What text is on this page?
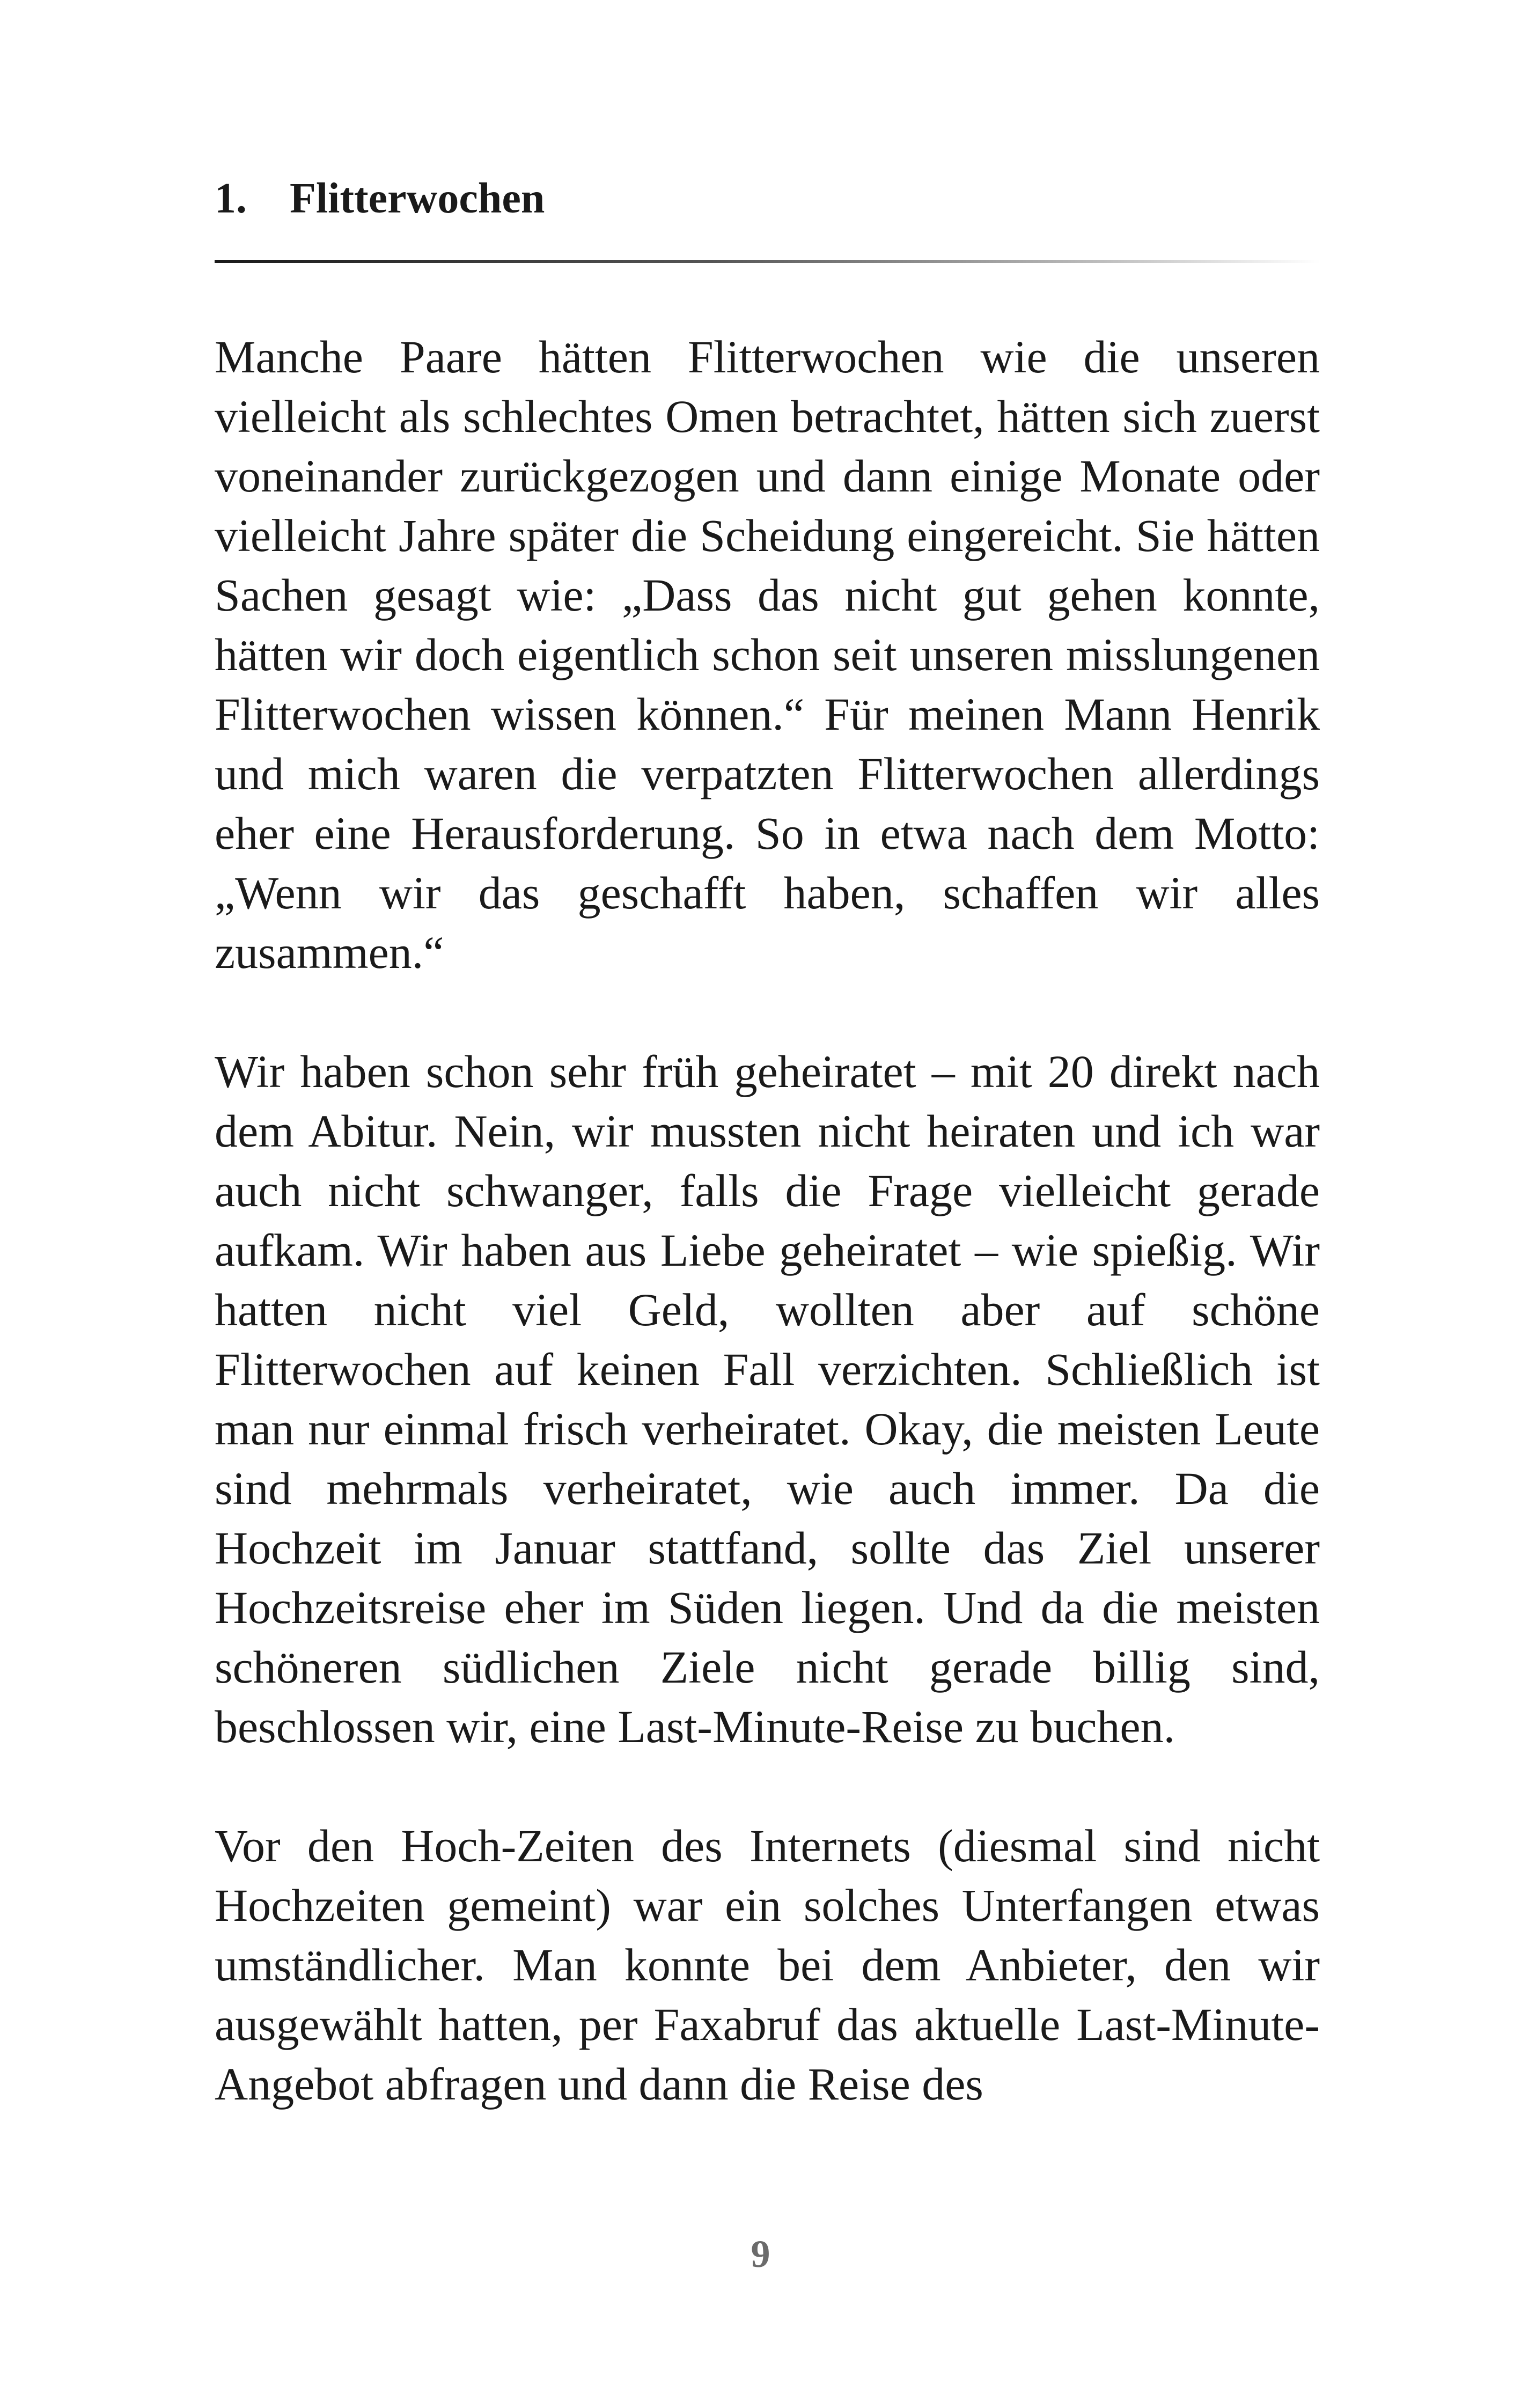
1. Flitterwochen

Manche Paare hätten Flitterwochen wie die unseren vielleicht als schlechtes Omen betrachtet, hätten sich zuerst voneinander zurückgezogen und dann einige Monate oder vielleicht Jahre später die Scheidung eingereicht. Sie hätten Sachen gesagt wie: „Dass das nicht gut gehen konnte, hätten wir doch eigentlich schon seit unseren misslungenen Flitterwochen wissen können.“ Für meinen Mann Henrik und mich waren die verpatzten Flitterwochen allerdings eher eine Herausforderung. So in etwa nach dem Motto: „Wenn wir das geschafft haben, schaffen wir alles zusammen.“

Wir haben schon sehr früh geheiratet – mit 20 direkt nach dem Abitur. Nein, wir mussten nicht heiraten und ich war auch nicht schwanger, falls die Frage vielleicht gerade aufkam. Wir haben aus Liebe geheiratet – wie spießig. Wir hatten nicht viel Geld, wollten aber auf schöne Flitterwochen auf keinen Fall verzichten. Schließlich ist man nur einmal frisch verheiratet. Okay, die meisten Leute sind mehrmals verheiratet, wie auch immer. Da die Hochzeit im Januar stattfand, sollte das Ziel unserer Hochzeitsreise eher im Süden liegen. Und da die meisten schöneren südlichen Ziele nicht gerade billig sind, beschlossen wir, eine Last-Minute-Reise zu buchen.

Vor den Hoch-Zeiten des Internets (diesmal sind nicht Hochzeiten gemeint) war ein solches Unterfangen etwas umständlicher. Man konnte bei dem Anbieter, den wir ausgewählt hatten, per Faxabruf das aktuelle Last-Minute-Angebot abfragen und dann die Reise des

9
